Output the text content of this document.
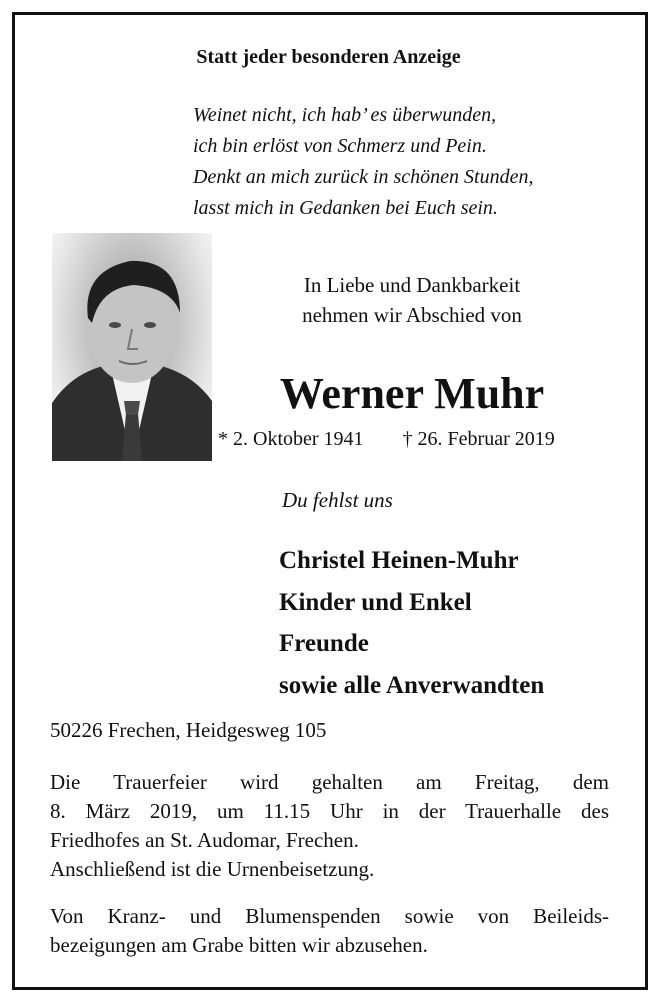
Statt jeder besonderen Anzeige
Weinet nicht, ich hab’ es überwunden,
ich bin erlöst von Schmerz und Pein.
Denkt an mich zurück in schönen Stunden,
lasst mich in Gedanken bei Euch sein.
In Liebe und Dankbarkeit
nehmen wir Abschied von
Werner Muhr
* 2. Oktober 1941 † 26. Februar 2019
Du fehlst uns
Christel Heinen-Muhr
Kinder und Enkel
Freunde
sowie alle Anverwandten
50226 Frechen, Heidgesweg 105
Die Trauerfeier wird gehalten am Freitag, dem
8. März 2019, um 11.15 Uhr in der Trauerhalle des
Friedhofes an St. Audomar, Frechen.
Anschließend ist die Urnenbeisetzung.
Von Kranz- und Blumenspenden sowie von Beileids-
bezeigungen am Grabe bitten wir abzusehen.
